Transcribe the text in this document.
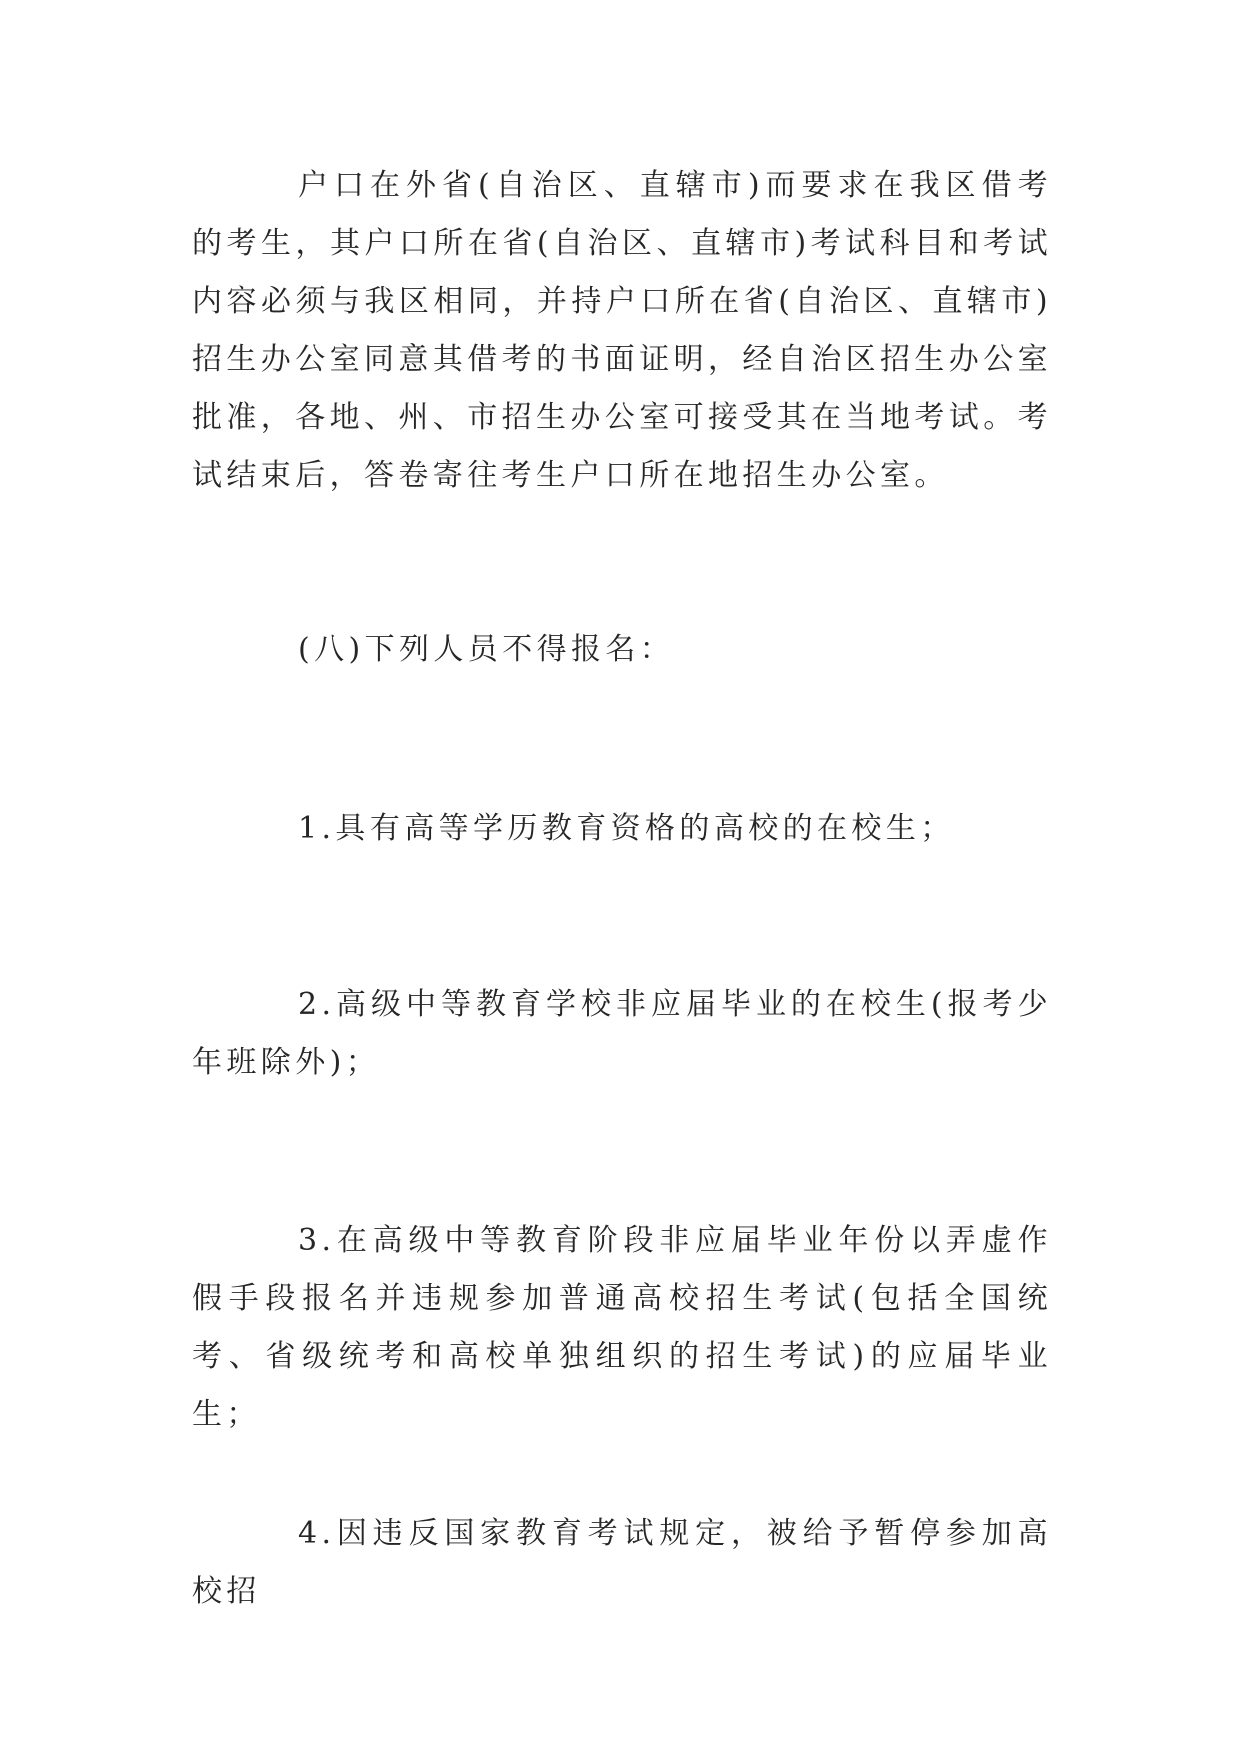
户口在外省(自治区、直辖市)而要求在我区借考的考生，其户口所在省(自治区、直辖市)考试科目和考试内容必须与我区相同，并持户口所在省(自治区、直辖市)招生办公室同意其借考的书面证明，经自治区招生办公室批准，各地、州、市招生办公室可接受其在当地考试。考试结束后，答卷寄往考生户口所在地招生办公室。

(八)下列人员不得报名：

1.具有高等学历教育资格的高校的在校生；

2.高级中等教育学校非应届毕业的在校生(报考少年班除外)；

3.在高级中等教育阶段非应届毕业年份以弄虚作假手段报名并违规参加普通高校招生考试(包括全国统考、省级统考和高校单独组织的招生考试)的应届毕业生；

4.因违反国家教育考试规定，被给予暂停参加高校招
